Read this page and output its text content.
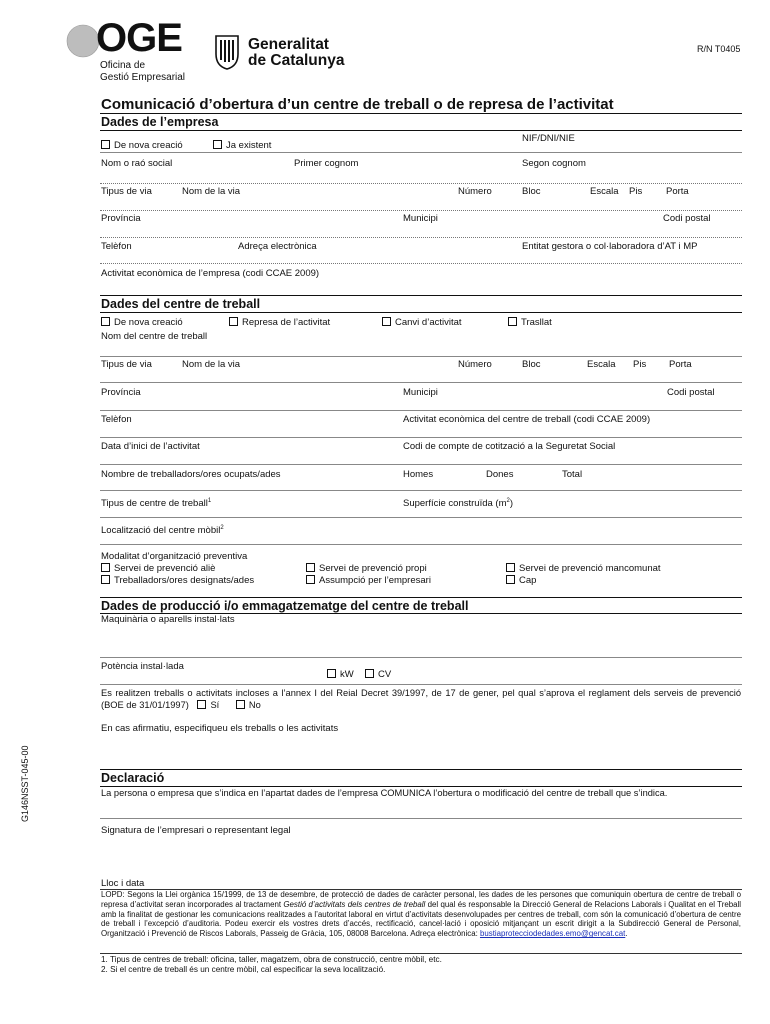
OGE
Oficina de
Gestió Empresarial
Generalitat
de Catalunya
R/N T0405
G146NSST-045-00
Comunicació d’obertura d’un centre de treball o de represa de l’activitat
Dades de l’empresa
NIF/DNI/NIE
De nova creació	Ja existent
Nom o raó social	Primer cognom	Segon cognom
Tipus de via	Nom de la via	Número	Bloc	Escala Pis	Porta
Província	Municipi	Codi postal
Telèfon	Adreça electrònica	Entitat gestora o col·laboradora d’AT i MP
Activitat econòmica de l’empresa (codi CCAE 2009)
Dades del centre de treball
De nova creació	Represa de l’activitat	Canvi d’activitat	Trasllat
Nom del centre de treball
Tipus de via	Nom de la via	Número	Bloc	Escala Pis Porta
Província	Municipi	Codi postal
Telèfon	Activitat econòmica del centre de treball (codi CCAE 2009)
Data d’inici de l’activitat	Codi de compte de cotització a la Seguretat Social
Nombre de treballadors/ores ocupats/ades	Homes	Dones	Total
Tipus de centre de treball$^1$	Superfície construïda $(m^2)$
Localització del centre mòbil$^2$
Modalitat d’organització preventiva
Servei de prevenció aliè	Servei de prevenció propi	Servei de prevenció mancomunat
Treballadors/ores designats/ades	Assumpció per l’empresari	Cap
Dades de producció i/o emmagatzematge del centre de treball
Maquinària o aparells instal·lats
Potència instal·lada
kW	CV
Es realitzen treballs o activitats incloses a l’annex I del Reial Decret 39/1997, de 17 de gener, pel qual s’aprova el reglament dels serveis de prevenció (BOE de 31/01/1997) Sí	No
En cas afirmatiu, especifiqueu els treballs o les activitats
Declaració
La persona o empresa que s’indica en l’apartat dades de l’empresa COMUNICA l’obertura o modificació del centre de treball que s’indica.
Signatura de l’empresari o representant legal
Lloc i data
LOPD: Segons la Llei orgànica 15/1999, de 13 de desembre, de protecció de dades de caràcter personal, les dades de les persones que comuniquin obertura de centre de treball o represa d’activitat seran incorporades al tractament Gestió d’activitats dels centres de treball del qual és responsable la Direcció General de Relacions Laborals i Qualitat en el Treball amb la finalitat de gestionar les comunicacions realitzades a l’autoritat laboral en virtut d’activitats desenvolupades per centres de treball, com són la comunicació d’obertura de centre de treball i l’excepció d’auditoria. Podeu exercir els vostres drets d’accés, rectificació, cancel·lació i oposició mitjançant un escrit dirigit a la Subdirecció General de Personal, Organització i Prevenció de Riscos Laborals, Passeig de Gràcia, 105, 08008 Barcelona. Adreça electrònica: bustiaprotecciodedades.emo@gencat.cat.
1. Tipus de centres de treball: oficina, taller, magatzem, obra de construcció, centre mòbil, etc.
2. Si el centre de treball és un centre mòbil, cal especificar la seva localització.
